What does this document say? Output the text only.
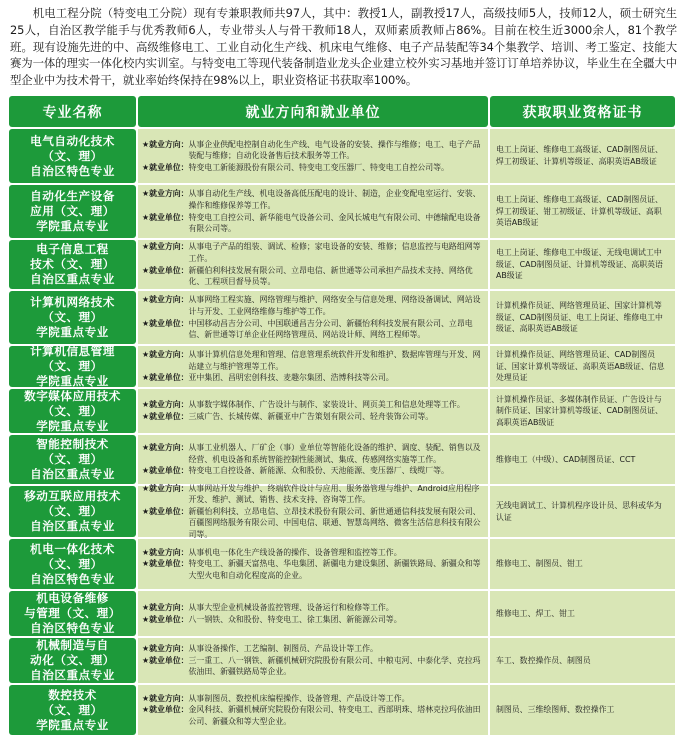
机电工程分院（特变电工分院）现有专兼职教师共97人，其中：教授1人，副教授17人，高级技师5人，技师12人，硕士研究生25人，自治区教学能手与优秀教师6人，专业带头人与骨干教师18人，双师素质教师占86%。目前在校生近3000余人，81个教学班。现有设施先进的中、高级维修电工、工业自动化生产线、机床电气维修、电子产品装配等34个集教学、培训、考工鉴定、技能大赛为一体的理实一体化校内实训室。与特变电工等现代装备制造业龙头企业建立校外实习基地并签订订单培养协议，毕业生在全疆大中型企业中为技术骨干，就业率始终保持在98%以上，职业资格证书获取率100%。

专业名称	就业方向和就业单位	获取职业资格证书
电气自动化技术
（文、理）
自治区特色专业
★就业方向： 从事企业供配电控制自动化生产线、电气设备的安装、操作与维修；电工、电子产品装配与维修；自动化设备售后技术服务等工作。
★就业单位： 特变电工新能源股份有限公司、特变电工变压器厂、特变电工自控公司等。
电工上岗证、维修电工高级证、CAD制图员证、焊工初级证、计算机等级证、高职英语AB级证
自动化生产设备
应用（文、理）
学院重点专业
★就业方向： 从事自动化生产线、机电设备高低压配电的设计、制造，企业变配电室运行、安装、操作和维修保养等工作。
★就业单位： 特变电工自控公司、新华能电气设备公司、金风长城电气有限公司、中德输配电设备有限公司等。
电工上岗证、维修电工高级证、CAD制图员证、焊工初级证、钳工初级证、计算机等级证、高职英语AB级证
电子信息工程
技术（文、理）
自治区重点专业
★就业方向： 从事电子产品的组装、调试、检修；家电设备的安装、维修；信息监控与电路组网等工作。
★就业单位： 新疆伯利科技发展有限公司、立昂电信、新世通等公司承担产品技术支持、网络优化、工程项目督导员等。
电工上岗证、维修电工中级证、无线电调试工中级证、CAD制图员证、计算机等级证、高职英语AB级证
计算机网络技术
（文、理）
学院重点专业
★就业方向： 从事网络工程实施、网络管理与维护、网络安全与信息处理、网络设备调试、网站设计与开发、工业网络维修与维护等工作。
★就业单位： 中国移动昌吉分公司、中国联通昌吉分公司、新疆怡利科技发展有限公司、立昂电信、新世通等订单企业任网络管理员、网站设计师、网络工程师等。
计算机操作员证、网络管理员证、国家计算机等级证、CAD制图员证、电工上岗证、维修电工中级证、高职英语AB级证
计算机信息管理
（文、理）
学院重点专业
★就业方向： 从事计算机信息处理和管理、信息管理系统软件开发和维护、数据库管理与开发、网站建立与维护管理等工作。
★就业单位： 亚中集团、昌明宏创科技、麦趣尔集团、浩博科技等公司。
计算机操作员证、网络管理员证、CAD制图员证、国家计算机等级证、高职英语AB级证、信息处理员证
数字媒体应用技术
（文、理）
学院重点专业
★就业方向： 从事数字媒体制作、广告设计与制作、家装设计、网页美工和信息处理等工作。
★就业单位： 三威广告、长城传媒、新疆亚中广告策划有限公司、轻舟装饰公司等。
计算机操作员证、多媒体制作员证、广告设计与制作员证、国家计算机等级证、CAD制图员证、高职英语AB级证
智能控制技术
（文、理）
自治区重点专业
★就业方向： 从事工业机器人、厂矿企（事）业单位等智能化设备的维护、调度、装配、销售以及经营、机电设备和系统智能控制性能测试、集成、传感网络实施等工作。
★就业单位： 特变电工自控设备、新能源、众和股份、天池能源、变压器厂、线缆厂等。
维修电工（中级）、CAD制图员证、CCT
移动互联应用技术
（文、理）
自治区重点专业
★就业方向： 从事网站开发与维护、终端软件设计与应用、服务器管理与维护、Android应用程序开发、维护、测试、销售、技术支持、咨询等工作。
★就业单位： 新疆怡利科技、立昂电信、立昂技术股份有限公司、新世通通信科技发展有限公司、百疆图网络服务有限公司、中国电信、联通、智慧岛网络、微客生活信息科技有限公司等。
无线电调试工、计算机程序设计员、思科或华为认证
机电一体化技术
（文、理）
自治区特色专业
★就业方向： 从事机电一体化生产线设备的操作、设备管理和监控等工作。
★就业单位： 特变电工、新疆天富热电、华电集团、新疆电力建设集团、新疆铁路局、新疆众和等大型火电和自动化程度高的企业。
维修电工、制图员、钳工
机电设备维修
与管理（文、理）
自治区特色专业
★就业方向： 从事大型企业机械设备监控管理、设备运行和检修等工作。
★就业单位： 八一钢铁、众和股份、特变电工、徐工集团、新能源公司等。
维修电工、焊工、钳工
机械制造与自
动化（文、理）
自治区重点专业
★就业方向： 从事设备操作、工艺编制、制图员、产品设计等工作。
★就业单位： 三一重工、八一钢铁、新疆机械研究院股份有限公司、中粮屯河、中泰化学、克拉玛依油田、新疆铁路局等企业。
车工、数控操作员、制图员
数控技术
（文、理）
学院重点专业
★就业方向： 从事制图员、数控机床编程操作、设备管理、产品设计等工作。
★就业单位： 金风科技、新疆机械研究院股份有限公司、特变电工、西部明珠、塔林克拉玛依油田公司、新疆众和等大型企业。
制图员、三维绘图师、数控操作工
